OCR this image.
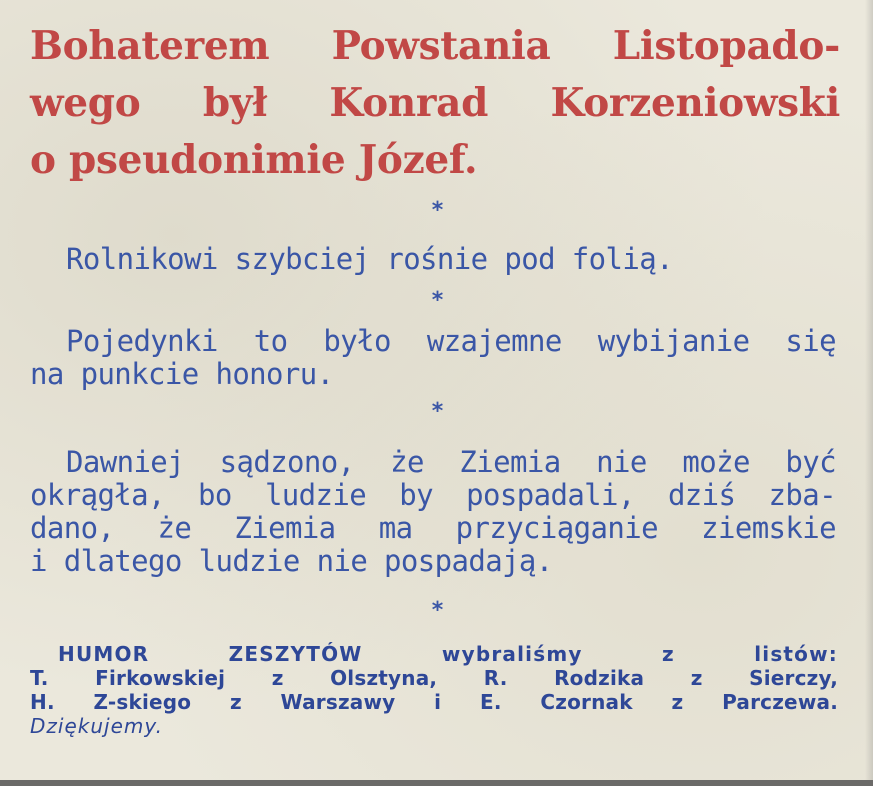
Bohaterem Powstania Listopado-
wego był Konrad Korzeniowski
o pseudonimie Józef.
*

Rolnikowi szybciej rośnie pod folią.

*

Pojedynki to było wzajemne wybijanie się
na punkcie honoru.

*

Dawniej sądzono, że Ziemia nie może być
okrągła, bo ludzie by pospadali, dziś zba-
dano, że Ziemia ma przyciąganie ziemskie
i dlatego ludzie nie pospadają.

*
HUMOR ZESZYTÓW wybraliśmy z listów:
T. Firkowskiej z Olsztyna, R. Rodzika z Sierczy,
H. Z-skiego z Warszawy i E. Czornak z Parczewa.
Dziękujemy.
